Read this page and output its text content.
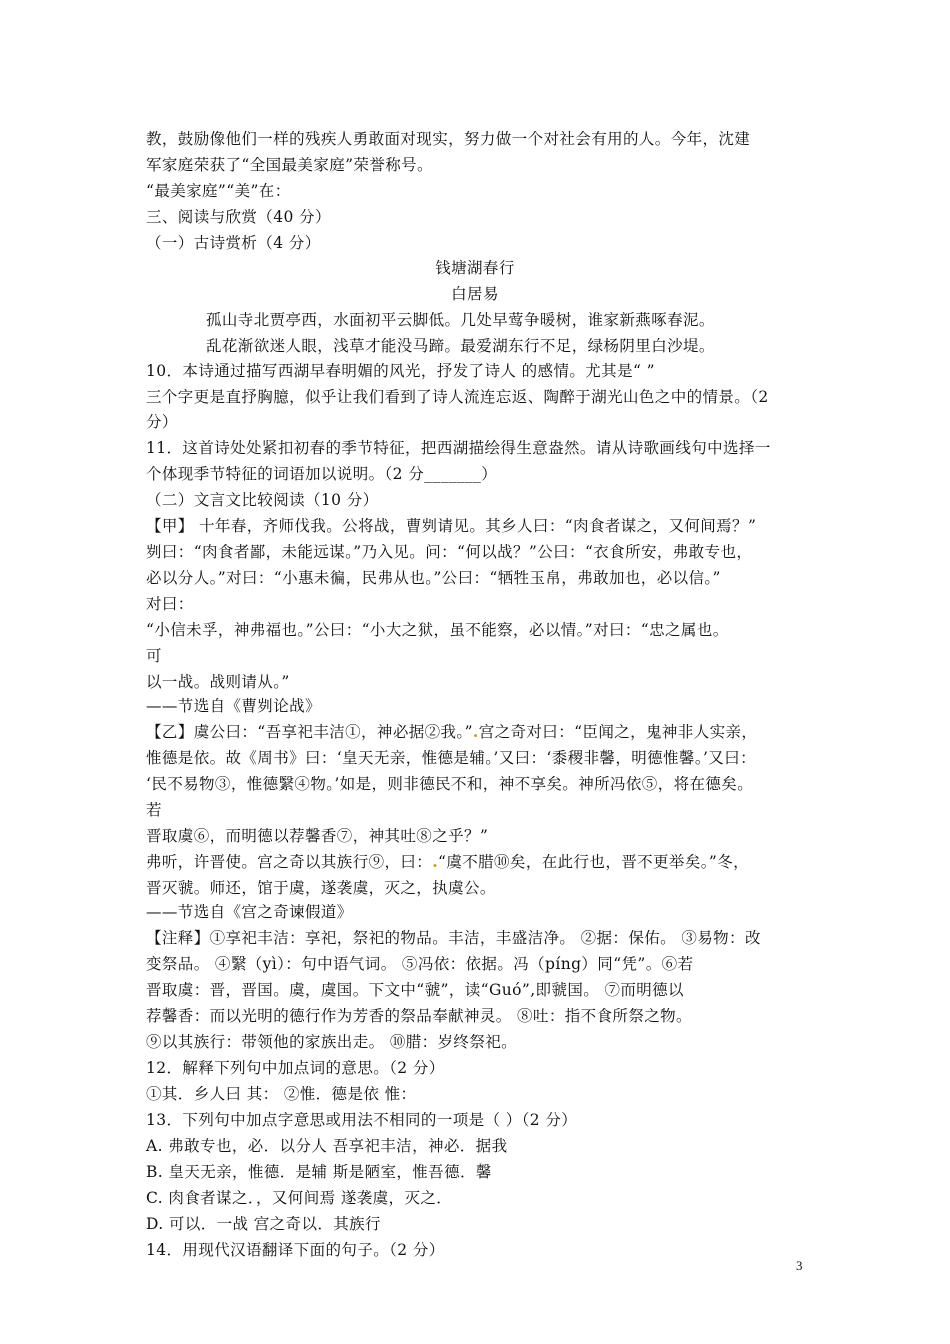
教，鼓励像他们一样的残疾人勇敢面对现实，努力做一个对社会有用的人。今年，沈建
军家庭荣获了“全国最美家庭”荣誉称号。
“最美家庭”“美”在：
三、阅读与欣赏（40 分）
（一）古诗赏析（4 分）
钱塘湖春行
白居易
孤山寺北贾亭西，水面初平云脚低。几处早莺争暖树，谁家新燕啄春泥。
乱花渐欲迷人眼，浅草才能没马蹄。最爱湖东行不足，绿杨阴里白沙堤。
10．本诗通过描写西湖早春明媚的风光，抒发了诗人 的感情。尤其是“ ”
三个字更是直抒胸臆，似乎让我们看到了诗人流连忘返、陶醉于湖光山色之中的情景。（2
分）
11．这首诗处处紧扣初春的季节特征，把西湖描绘得生意盎然。请从诗歌画线句中选择一
个体现季节特征的词语加以说明。（2 分_______）
（二）文言文比较阅读（10 分）
【甲】 十年春，齐师伐我。公将战，曹刿请见。其乡人曰：“肉食者谋之，又何间焉？”
刿曰：“肉食者鄙，未能远谋。”乃入见。问：“何以战？”公曰：“衣食所安，弗敢专也，
必以分人。”对曰：“小惠未徧，民弗从也。”公曰：“牺牲玉帛，弗敢加也，必以信。”
对曰：
“小信未孚，神弗福也。”公曰：“小大之狱，虽不能察，必以情。”对曰：“忠之属也。
可
以一战。战则请从。”
——节选自《曹刿论战》
【乙】虞公曰：“吾享祀丰洁①，神必据②我。”.宫之奇对曰：“臣闻之，鬼神非人实亲，
惟德是依。故《周书》曰：‘皇天无亲，惟德是辅。’又曰：‘黍稷非馨，明德惟馨。’又曰：
‘民不易物③，惟德繄④物。’如是，则非德民不和，神不享矣。神所冯依⑤，将在德矣。
若
晋取虞⑥，而明德以荐馨香⑦，神其吐⑧之乎？”
弗听，许晋使。宫之奇以其族行⑨，曰：.“虞不腊⑩矣，在此行也，晋不更举矣。”冬，
晋灭虢。师还，馆于虞，遂袭虞，灭之，执虞公。
——节选自《宫之奇谏假道》
【注释】①享祀丰洁：享祀，祭祀的物品。丰洁，丰盛洁净。 ②据：保佑。 ③易物：改
变祭品。 ④繄（yì）：句中语气词。 ⑤冯依：依据。冯（píng）同“凭”。⑥若
晋取虞：晋，晋国。虞，虞国。下文中“虢”，读“Guó”,即虢国。 ⑦而明德以
荐馨香：而以光明的德行作为芳香的祭品奉献神灵。 ⑧吐：指不食所祭之物。
⑨以其族行：带领他的家族出走。 ⑩腊：岁终祭祀。
12．解释下列句中加点词的意思。（2 分）
①其．乡人曰 其： ②惟．德是依 惟：
13．下列句中加点字意思或用法不相同的一项是（ ）（2 分）
A. 弗敢专也，必．以分人 吾享祀丰洁，神必．据我
B. 皇天无亲，惟德．是辅 斯是陋室，惟吾德．馨
C. 肉食者谋之．，又何间焉 遂袭虞，灭之．
D. 可以．一战 宫之奇以．其族行
14．用现代汉语翻译下面的句子。（2 分）
3
